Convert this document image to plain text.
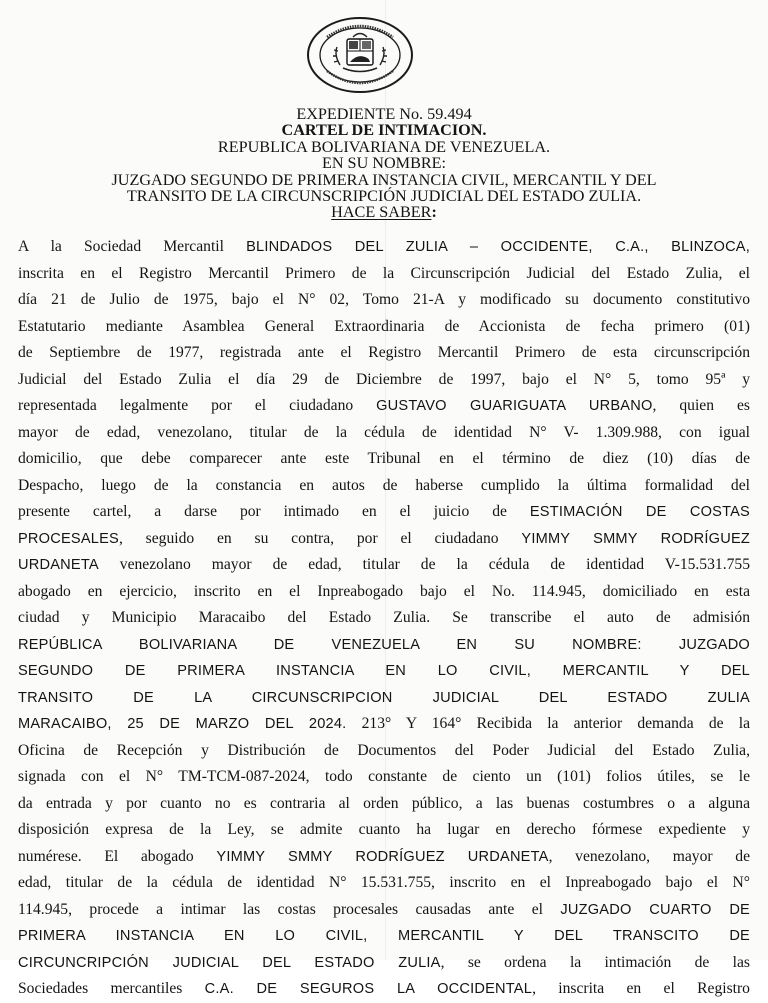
EXPEDIENTE No. 59.494
CARTEL DE INTIMACION.
REPUBLICA BOLIVARIANA DE VENEZUELA.
EN SU NOMBRE:
JUZGADO SEGUNDO DE PRIMERA INSTANCIA CIVIL, MERCANTIL Y DEL
TRANSITO DE LA CIRCUNSCRIPCIÓN JUDICIAL DEL ESTADO ZULIA.
HACE SABER:
A la Sociedad Mercantil BLINDADOS DEL ZULIA – OCCIDENTE, C.A., BLINZOCA,
inscrita en el Registro Mercantil Primero de la Circunscripción Judicial del Estado Zulia, el
día 21 de Julio de 1975, bajo el N° 02, Tomo 21-A y modificado su documento constitutivo
Estatutario mediante Asamblea General Extraordinaria de Accionista de fecha primero (01)
de Septiembre de 1977, registrada ante el Registro Mercantil Primero de esta circunscripción
Judicial del Estado Zulia el día 29 de Diciembre de 1997, bajo el N° 5, tomo 95ª y
representada legalmente por el ciudadano GUSTAVO GUARIGUATA URBANO, quien es
mayor de edad, venezolano, titular de la cédula de identidad N° V- 1.309.988, con igual
domicilio, que debe comparecer ante este Tribunal en el término de diez (10) días de
Despacho, luego de la constancia en autos de haberse cumplido la última formalidad del
presente cartel, a darse por intimado en el juicio de ESTIMACIÓN DE COSTAS
PROCESALES, seguido en su contra, por el ciudadano YIMMY SMMY RODRÍGUEZ
URDANETA venezolano mayor de edad, titular de la cédula de identidad V-15.531.755
abogado en ejercicio, inscrito en el Inpreabogado bajo el No. 114.945, domiciliado en esta
ciudad y Municipio Maracaibo del Estado Zulia. Se transcribe el auto de admisión
REPÚBLICA BOLIVARIANA DE VENEZUELA EN SU NOMBRE: JUZGADO
SEGUNDO DE PRIMERA INSTANCIA EN LO CIVIL, MERCANTIL Y DEL
TRANSITO DE LA CIRCUNSCRIPCION JUDICIAL DEL ESTADO ZULIA
MARACAIBO, 25 DE MARZO DEL 2024. 213° Y 164° Recibida la anterior demanda de la
Oficina de Recepción y Distribución de Documentos del Poder Judicial del Estado Zulia,
signada con el N° TM-TCM-087-2024, todo constante de ciento un (101) folios útiles, se le
da entrada y por cuanto no es contraria al orden público, a las buenas costumbres o a alguna
disposición expresa de la Ley, se admite cuanto ha lugar en derecho fórmese expediente y
numérese. El abogado YIMMY SMMY RODRÍGUEZ URDANETA, venezolano, mayor de
edad, titular de la cédula de identidad N° 15.531.755, inscrito en el Inpreabogado bajo el N°
114.945, procede a intimar las costas procesales causadas ante el JUZGADO CUARTO DE
PRIMERA INSTANCIA EN LO CIVIL, MERCANTIL Y DEL TRANSCITO DE
CIRCUNCRIPCIÓN JUDICIAL DEL ESTADO ZULIA, se ordena la intimación de las
Sociedades mercantiles C.A. DE SEGUROS LA OCCIDENTAL, inscrita en el Registro
